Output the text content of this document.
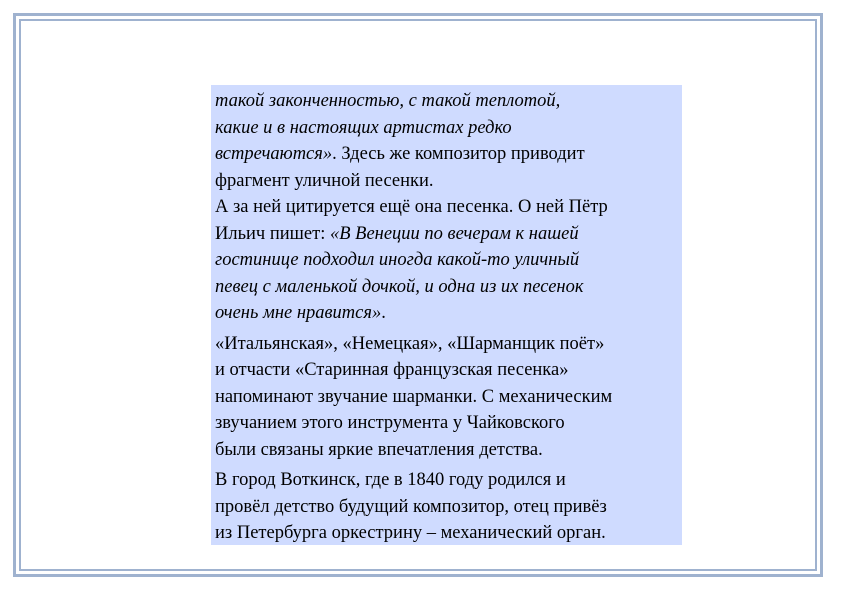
такой законченностью, с такой теплотой,
какие и в настоящих артистах редко
встречаются». Здесь же композитор приводит
фрагмент уличной песенки.

А за ней цитируется ещё она песенка. О ней Пётр
Ильич пишет: «В Венеции по вечерам к нашей
гостинице подходил иногда какой-то уличный
певец с маленькой дочкой, и одна из их песенок
очень мне нравится».

«Итальянская», «Немецкая», «Шарманщик поёт»
и отчасти «Старинная французская песенка»
напоминают звучание шарманки. С механическим
звучанием этого инструмента у Чайковского
были связаны яркие впечатления детства.

В город Воткинск, где в 1840 году родился и
провёл детство будущий композитор, отец привёз
из Петербурга оркестрину – механический орган.
